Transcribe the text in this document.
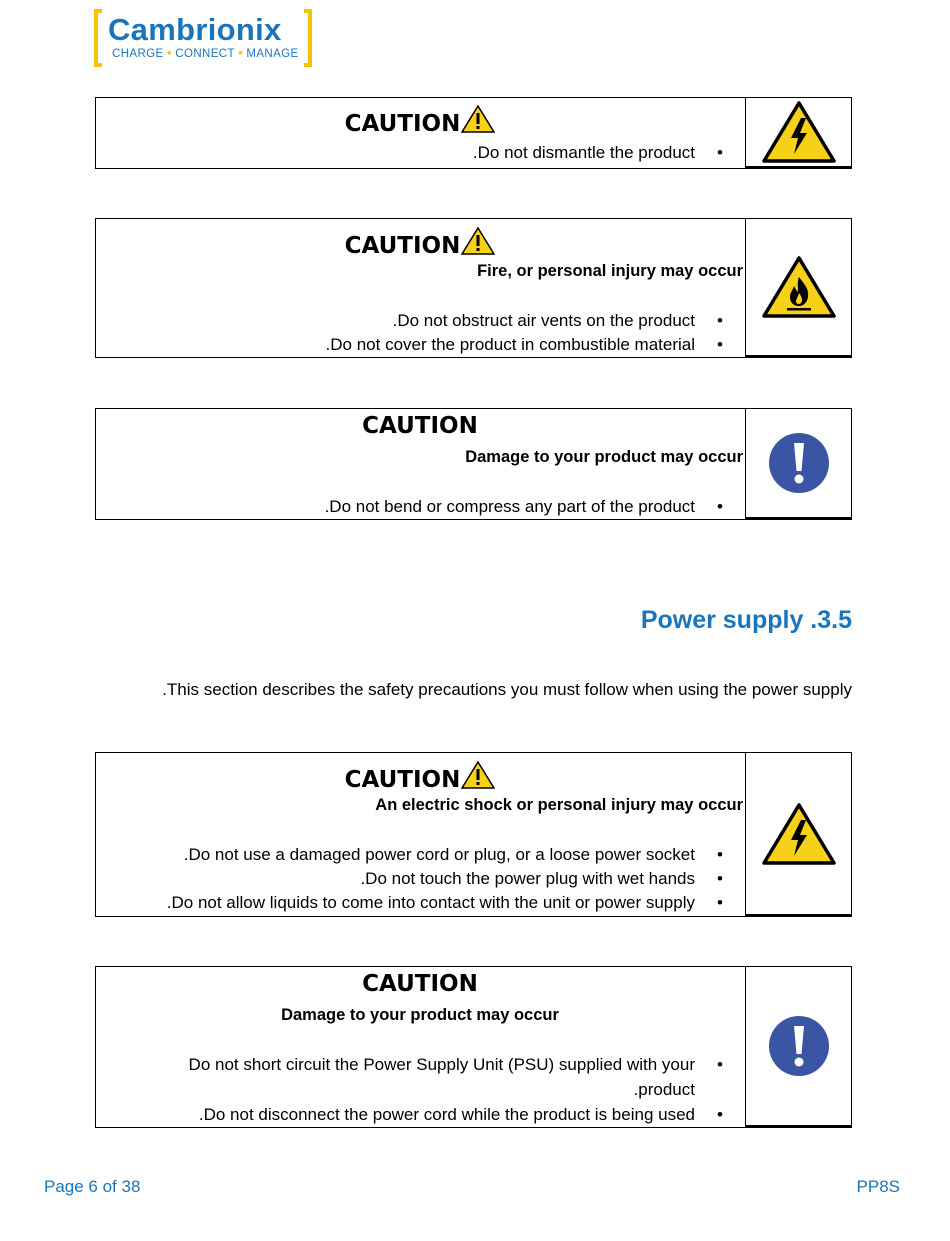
Cambrionix
CHARGE • CONNECT • MANAGE
CAUTION
.Do not dismantle the product •
CAUTION
Fire, or personal injury may occur
.Do not obstruct air vents on the product •
.Do not cover the product in combustible material •
CAUTION
Damage to your product may occur
.Do not bend or compress any part of the product •
Power supply .3.5
.This section describes the safety precautions you must follow when using the power supply
CAUTION
An electric shock or personal injury may occur
.Do not use a damaged power cord or plug, or a loose power socket •
.Do not touch the power plug with wet hands •
.Do not allow liquids to come into contact with the unit or power supply •
CAUTION
Damage to your product may occur
Do not short circuit the Power Supply Unit (PSU) supplied with your •
.product
.Do not disconnect the power cord while the product is being used •
Page 6 of 38	PP8S
